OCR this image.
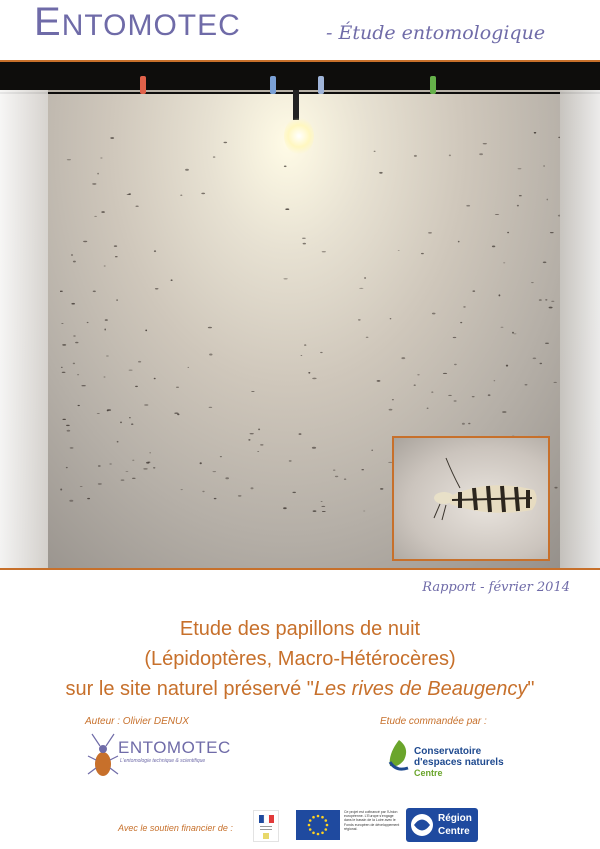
ENTOMOTEC	- Étude entomologique
Rapport - février 2014
Etude des papillons de nuit
(Lépidoptères, Macro-Hétérocères)
sur le site naturel préservé "Les rives de Beaugency"
Auteur : Olivier DENUX	Etude commandée par :
ENTOMOTEC
L'entomologie technique & scientifique
Conservatoire
d'espaces naturels
Centre
Avec le soutien financier de :
Ce projet est cofinancé par l'Union européenne. L'Europe s'engage dans le bassin de la Loire avec le Fonds européen de développement régional.
Région
Centre
